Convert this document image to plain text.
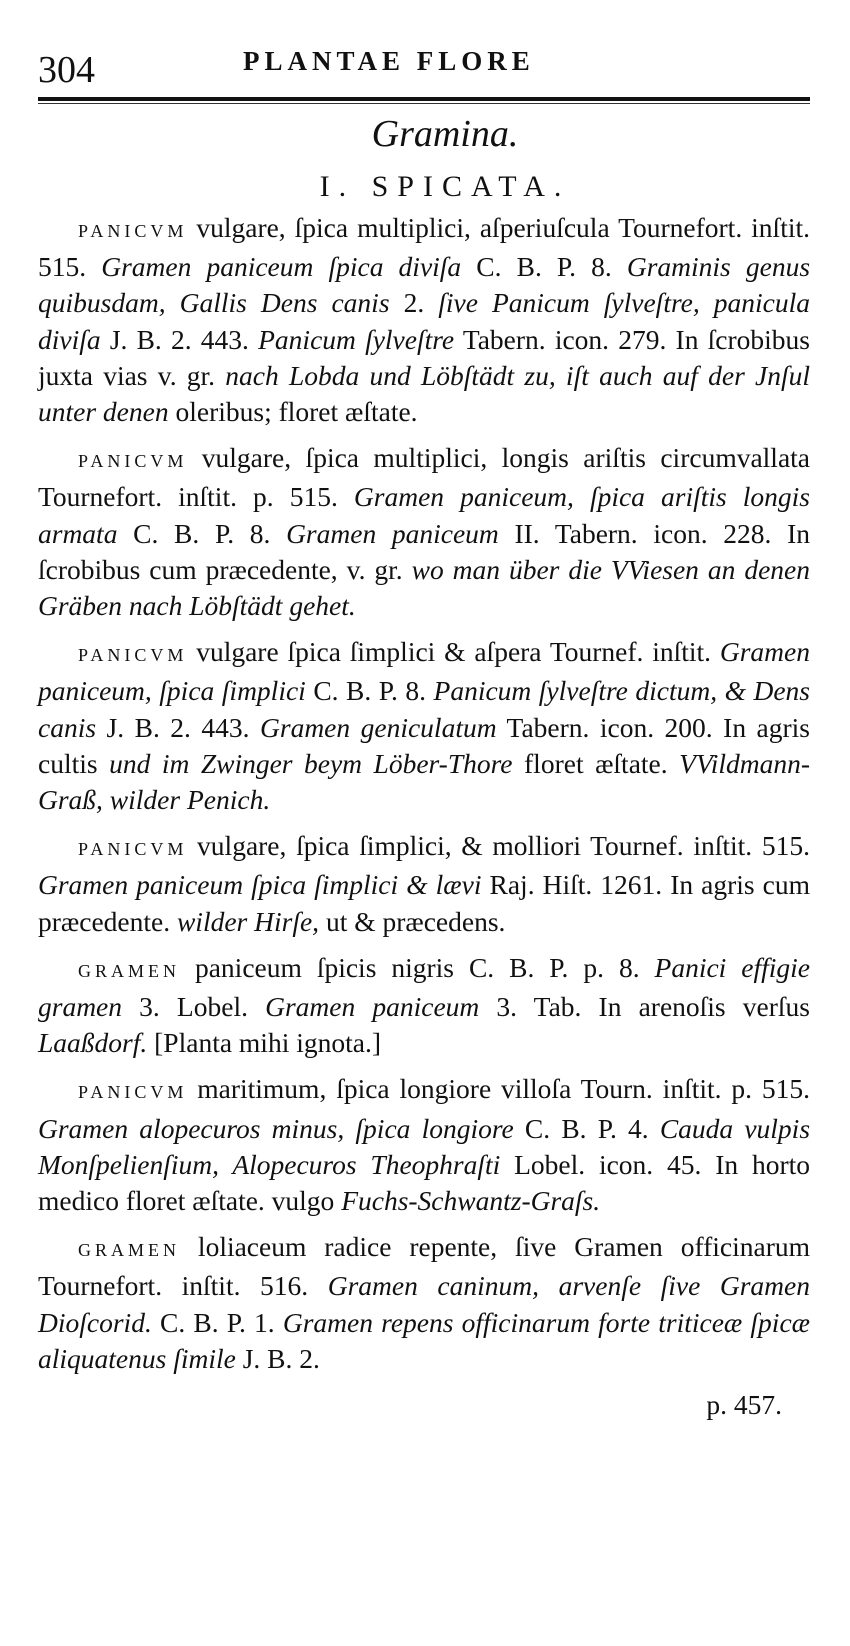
304	PLANTAE FLORE
Gramina.
I. SPICATA.

PANICVM vulgare, ſpica multiplici, aſperiuſcula Tournefort. inſtit. 515. Gramen paniceum ſpica diviſa C. B. P. 8. Graminis genus quibusdam, Gallis Dens canis 2. ſive Panicum ſylveſtre, panicula diviſa J. B. 2. 443. Panicum ſylveſtre Tabern. icon. 279. In ſcrobibus juxta vias v. gr. nach Lobda und Löbſtädt zu, iſt auch auf der Jnſul unter denen oleribus; floret æſtate.

PANICVM vulgare, ſpica multiplici, longis ariſtis circumvallata Tournefort. inſtit. p. 515. Gramen paniceum, ſpica ariſtis longis armata C. B. P. 8. Gramen paniceum II. Tabern. icon. 228. In ſcrobibus cum præcedente, v. gr. wo man über die VViesen an denen Gräben nach Löbſtädt gehet.

PANICVM vulgare ſpica ſimplici & aſpera Tournef. inſtit. Gramen paniceum, ſpica ſimplici C. B. P. 8. Panicum ſylveſtre dictum, & Dens canis J. B. 2. 443. Gramen geniculatum Tabern. icon. 200. In agris cultis und im Zwinger beym Löber-Thore floret æſtate. VVildmann-Graß, wilder Penich.

PANICVM vulgare, ſpica ſimplici, & molliori Tournef. inſtit. 515. Gramen paniceum ſpica ſimplici & lævi Raj. Hiſt. 1261. In agris cum præcedente. wilder Hirſe, ut & præcedens.

GRAMEN paniceum ſpicis nigris C. B. P. p. 8. Panici effigie gramen 3. Lobel. Gramen paniceum 3. Tab. In arenoſis verſus Laaßdorf. [Planta mihi ignota.]

PANICVM maritimum, ſpica longiore villoſa Tourn. inſtit. p. 515. Gramen alopecuros minus, ſpica longiore C. B. P. 4. Cauda vulpis Monſpelienſium, Alopecuros Theophraſti Lobel. icon. 45. In horto medico floret æſtate. vulgo Fuchs-Schwantz-Graſs.

GRAMEN loliaceum radice repente, ſive Gramen officinarum Tournefort. inſtit. 516. Gramen caninum, arvenſe ſive Gramen Dioſcorid. C. B. P. 1. Gramen repens officinarum forte triticeæ ſpicæ aliquatenus ſimile J. B. 2.

p. 457.
